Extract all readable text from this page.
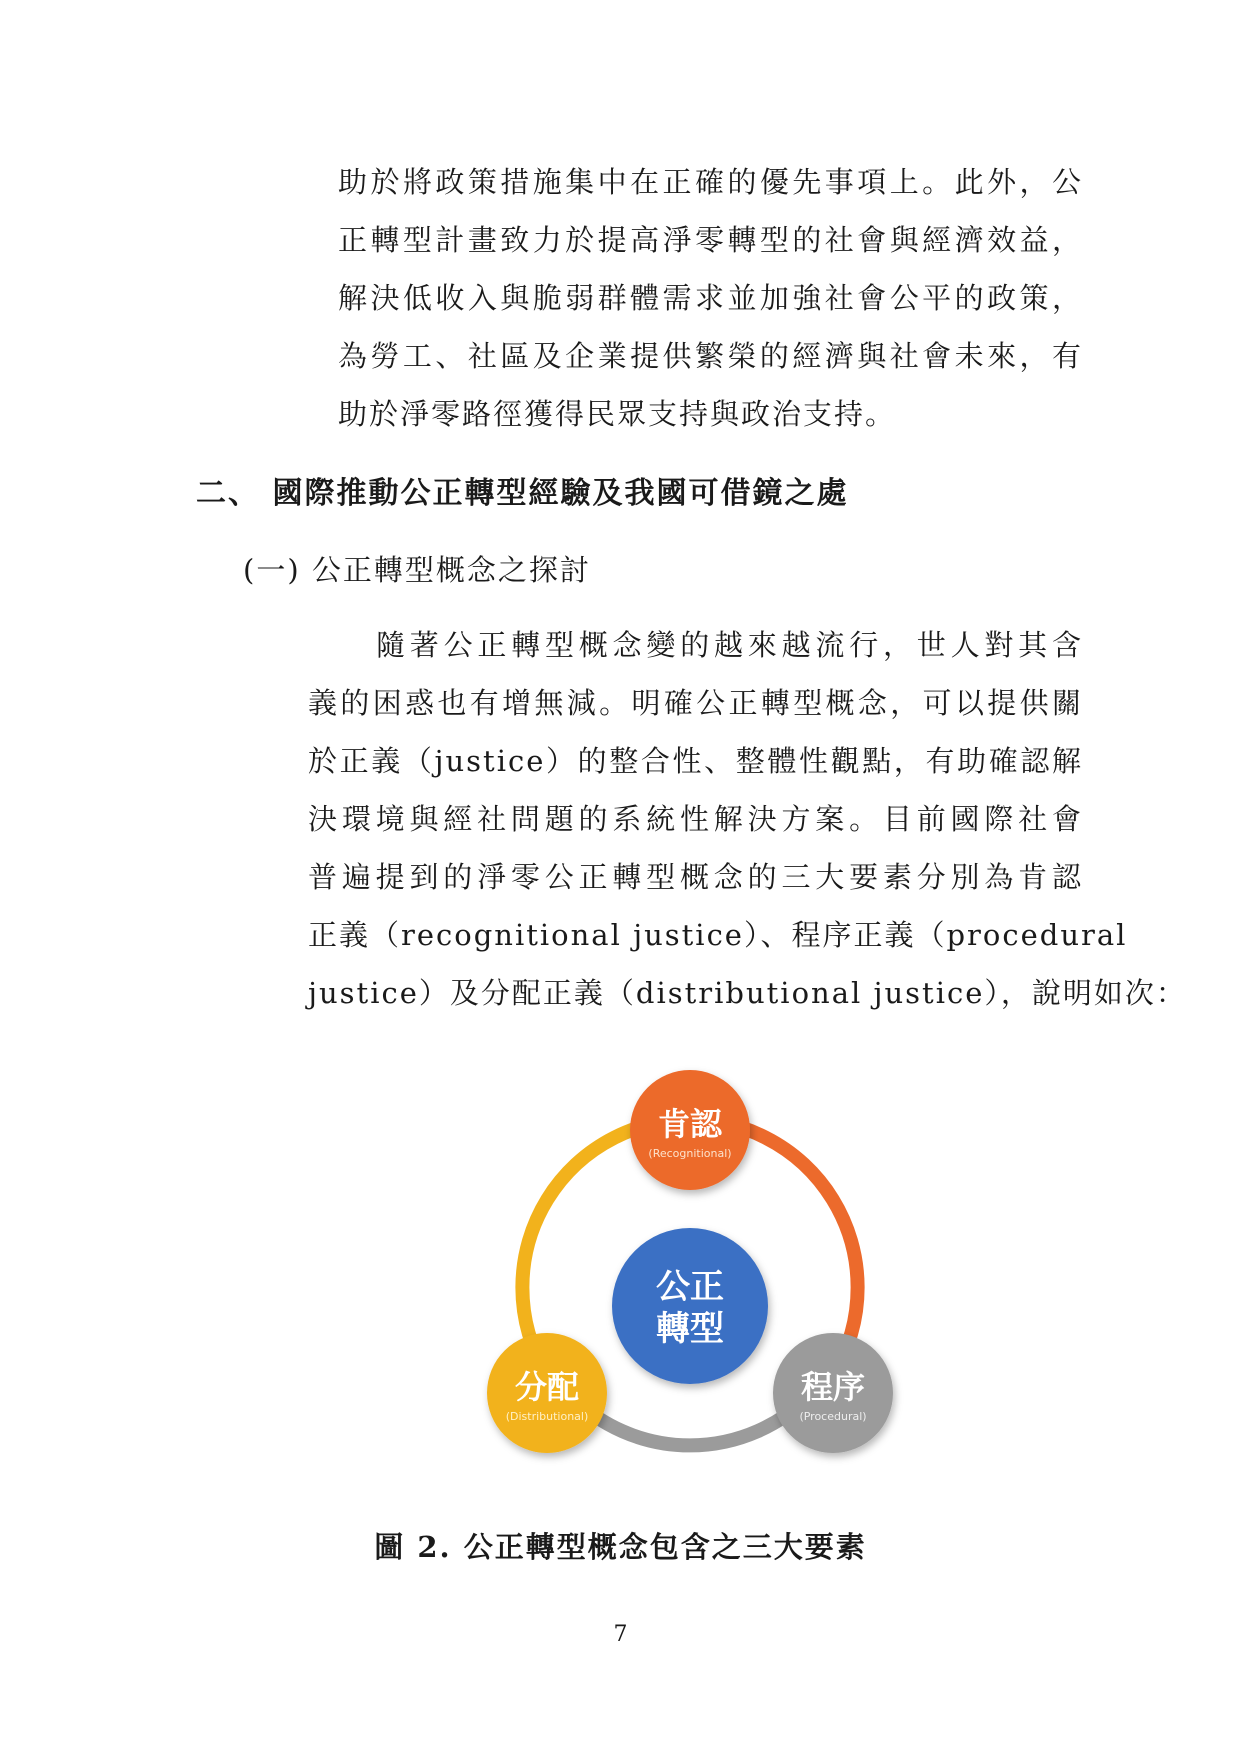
助於將政策措施集中在正確的優先事項上。此外，公
正轉型計畫致力於提高淨零轉型的社會與經濟效益，
解決低收入與脆弱群體需求並加強社會公平的政策，
為勞工、社區及企業提供繁榮的經濟與社會未來，有
助於淨零路徑獲得民眾支持與政治支持。
二、 國際推動公正轉型經驗及我國可借鏡之處
(一) 公正轉型概念之探討
隨著公正轉型概念變的越來越流行，世人對其含
義的困惑也有增無減。明確公正轉型概念，可以提供關
於正義（justice）的整合性、整體性觀點，有助確認解
決環境與經社問題的系統性解決方案。目前國際社會
普遍提到的淨零公正轉型概念的三大要素分別為肯認
正義（recognitional justice）、程序正義（procedural
justice）及分配正義（distributional justice），說明如次：
公正
轉型
肯認
(Recognitional)
程序
(Procedural)
分配
(Distributional)
圖 2. 公正轉型概念包含之三大要素
7
